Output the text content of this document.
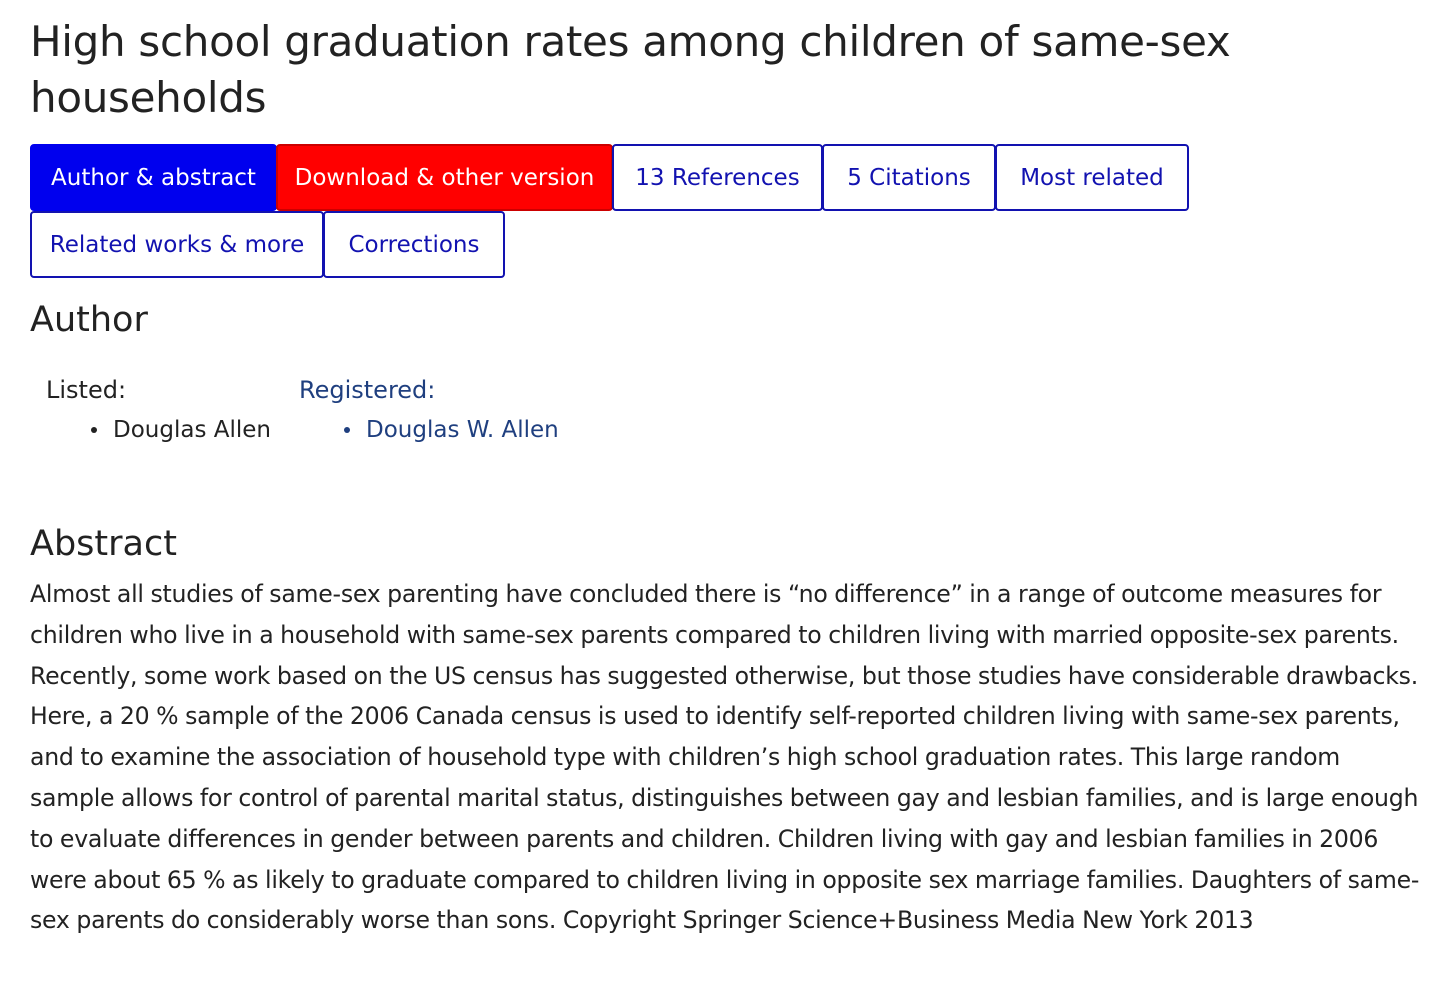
High school graduation rates among children of same-sex households
Author & abstract	Download & other version	13 References	5 Citations	Most related
Related works & more	Corrections
Author
Listed:
Douglas Allen
Registered:
Douglas W. Allen
Abstract

Almost all studies of same-sex parenting have concluded there is “no difference” in a range of outcome measures for children who live in a household with same-sex parents compared to children living with married opposite-sex parents. Recently, some work based on the US census has suggested otherwise, but those studies have considerable drawbacks. Here, a 20 % sample of the 2006 Canada census is used to identify self-reported children living with same-sex parents, and to examine the association of household type with children’s high school graduation rates. This large random sample allows for control of parental marital status, distinguishes between gay and lesbian families, and is large enough to evaluate differences in gender between parents and children. Children living with gay and lesbian families in 2006 were about 65 % as likely to graduate compared to children living in opposite sex marriage families. Daughters of same-sex parents do considerably worse than sons. Copyright Springer Science+Business Media New York 2013
